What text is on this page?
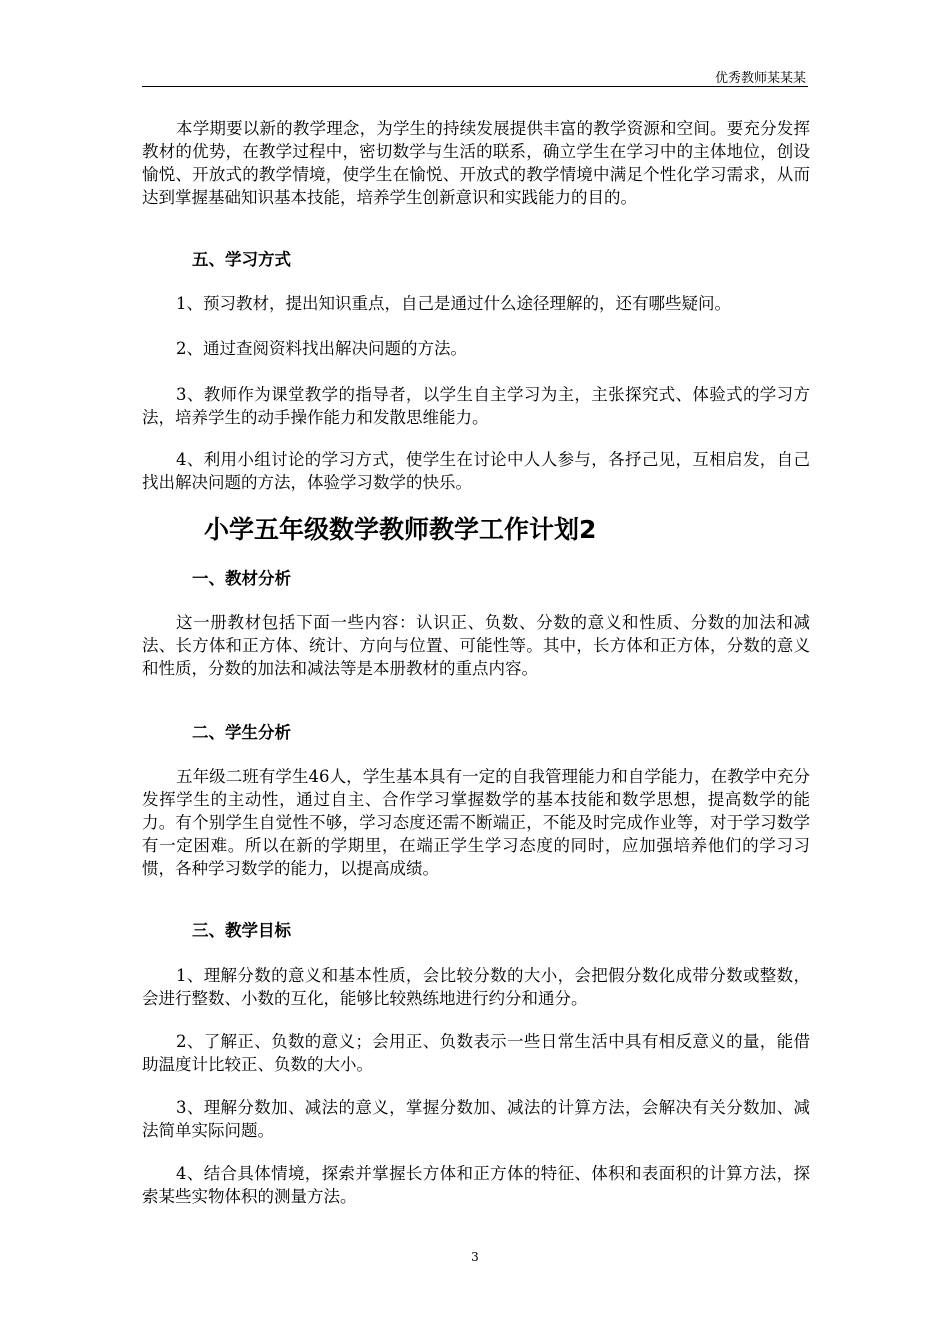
优秀教师某某某

本学期要以新的教学理念，为学生的持续发展提供丰富的教学资源和空间。要充分发挥教材的优势，在教学过程中，密切数学与生活的联系，确立学生在学习中的主体地位，创设愉悦、开放式的教学情境，使学生在愉悦、开放式的教学情境中满足个性化学习需求，从而达到掌握基础知识基本技能，培养学生创新意识和实践能力的目的。

五、学习方式

1、预习教材，提出知识重点，自己是通过什么途径理解的，还有哪些疑问。

2、通过查阅资料找出解决问题的方法。

3、教师作为课堂教学的指导者，以学生自主学习为主，主张探究式、体验式的学习方法，培养学生的动手操作能力和发散思维能力。

4、利用小组讨论的学习方式，使学生在讨论中人人参与，各抒己见，互相启发，自己找出解决问题的方法，体验学习数学的快乐。

小学五年级数学教师教学工作计划2

一、教材分析

这一册教材包括下面一些内容：认识正、负数、分数的意义和性质、分数的加法和减法、长方体和正方体、统计、方向与位置、可能性等。其中，长方体和正方体，分数的意义和性质，分数的加法和减法等是本册教材的重点内容。

二、学生分析

五年级二班有学生46人，学生基本具有一定的自我管理能力和自学能力，在教学中充分发挥学生的主动性，通过自主、合作学习掌握数学的基本技能和数学思想，提高数学的能力。有个别学生自觉性不够，学习态度还需不断端正，不能及时完成作业等，对于学习数学有一定困难。所以在新的学期里，在端正学生学习态度的同时，应加强培养他们的学习习惯，各种学习数学的能力，以提高成绩。

三、教学目标

1、理解分数的意义和基本性质，会比较分数的大小，会把假分数化成带分数或整数，会进行整数、小数的互化，能够比较熟练地进行约分和通分。

2、了解正、负数的意义；会用正、负数表示一些日常生活中具有相反意义的量，能借助温度计比较正、负数的大小。

3、理解分数加、减法的意义，掌握分数加、减法的计算方法，会解决有关分数加、减法简单实际问题。

4、结合具体情境，探索并掌握长方体和正方体的特征、体积和表面积的计算方法，探索某些实物体积的测量方法。

3
